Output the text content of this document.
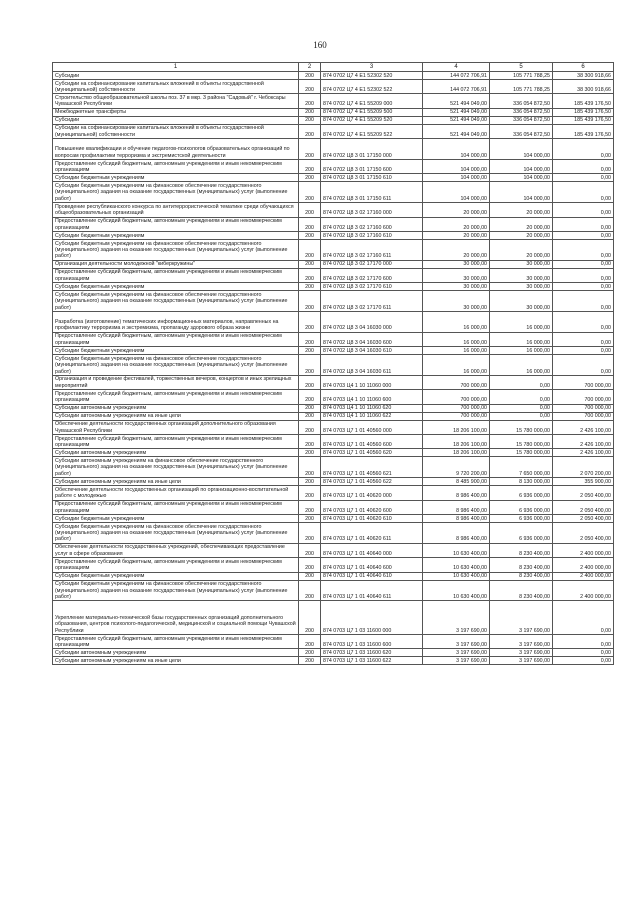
160
1	2	3	4	5	6
Субсидии	200	874 0702 Ц7 4 E1 52302 520	144 072 706,91	105 771 788,25	38 300 918,66
Субсидии на софинансирование капитальных вложений в объекты государственной (муниципальной) собственности	200	874 0702 Ц7 4 E1 52302 522	144 072 706,91	105 771 788,25	38 300 918,66
Строительство общеобразовательной школы поз. 37 в мкр. 3 района "Садовый" г. Чебоксары Чувашской Республики	200	874 0702 Ц7 4 E1 55209 000	521 494 049,00	336 054 872,50	185 439 176,50
Межбюджетные трансферты	200	874 0702 Ц7 4 E1 55209 500	521 494 049,00	336 054 872,50	185 439 176,50
Субсидии	200	874 0702 Ц7 4 E1 55209 520	521 494 049,00	336 054 872,50	185 439 176,50
Субсидии на софинансирование капитальных вложений в объекты государственной (муниципальной) собственности	200	874 0702 Ц7 4 E1 55209 522	521 494 049,00	336 054 872,50	185 439 176,50
Повышение квалификации и обучение педагогов-психологов образовательных организаций по вопросам профилактики терроризма и экстремистской деятельности	200	874 0702 Ц8 3 01 17150 000	104 000,00	104 000,00	0,00
Предоставление субсидий бюджетным, автономным учреждениям и иным некоммерческим организациям	200	874 0702 Ц8 3 01 17150 600	104 000,00	104 000,00	0,00
Субсидии бюджетным учреждениям	200	874 0702 Ц8 3 01 17150 610	104 000,00	104 000,00	0,00
Субсидии бюджетным учреждениям на финансовое обеспечение государственного (муниципального) задания на оказание государственных (муниципальных) услуг (выполнение работ)	200	874 0702 Ц8 3 01 17150 611	104 000,00	104 000,00	0,00
Проведение республиканского конкурса по антитеррористической тематике среди обучающихся общеобразовательных организаций	200	874 0702 Ц8 3 02 17160 000	20 000,00	20 000,00	0,00
Предоставление субсидий бюджетным, автономным учреждениям и иным некоммерческим организациям	200	874 0702 Ц8 3 02 17160 600	20 000,00	20 000,00	0,00
Субсидии бюджетным учреждениям	200	874 0702 Ц8 3 02 17160 610	20 000,00	20 000,00	0,00
Субсидии бюджетным учреждениям на финансовое обеспечение государственного (муниципального) задания на оказание государственных (муниципальных) услуг (выполнение работ)	200	874 0702 Ц8 3 02 17160 611	20 000,00	20 000,00	0,00
Организация деятельности молодежной "киберкружины"	200	874 0702 Ц8 3 02 17170 000	30 000,00	30 000,00	0,00
Предоставление субсидий бюджетным, автономным учреждениям и иным некоммерческим организациям	200	874 0702 Ц8 3 02 17170 600	30 000,00	30 000,00	0,00
Субсидии бюджетным учреждениям	200	874 0702 Ц8 3 02 17170 610	30 000,00	30 000,00	0,00
Субсидии бюджетным учреждениям на финансовое обеспечение государственного (муниципального) задания на оказание государственных (муниципальных) услуг (выполнение работ)	200	874 0702 Ц8 3 02 17170 611	30 000,00	30 000,00	0,00
Разработка (изготовление) тематических информационных материалов, направленных на профилактику терроризма и экстремизма, пропаганду здорового образа жизни	200	874 0702 Ц8 3 04 16030 000	16 000,00	16 000,00	0,00
Предоставление субсидий бюджетным, автономным учреждениям и иным некоммерческим организациям	200	874 0702 Ц8 3 04 16030 600	16 000,00	16 000,00	0,00
Субсидии бюджетным учреждениям	200	874 0702 Ц8 3 04 16030 610	16 000,00	16 000,00	0,00
Субсидии бюджетным учреждениям на финансовое обеспечение государственного (муниципального) задания на оказание государственных (муниципальных) услуг (выполнение работ)	200	874 0702 Ц8 3 04 16030 611	16 000,00	16 000,00	0,00
Организация и проведение фестивалей, торжественных вечеров, концертов и иных зрелищных мероприятий	200	874 0703 Ц4 1 10 11060 000	700 000,00	0,00	700 000,00
Предоставление субсидий бюджетным, автономным учреждениям и иным некоммерческим организациям	200	874 0703 Ц4 1 10 11060 600	700 000,00	0,00	700 000,00
Субсидии автономным учреждениям	200	874 0703 Ц4 1 10 11060 620	700 000,00	0,00	700 000,00
Субсидии автономным учреждениям на иные цели	200	874 0703 Ц4 1 10 11060 622	700 000,00	0,00	700 000,00
Обеспечение деятельности государственных организаций дополнительного образования Чувашской Республики	200	874 0703 Ц7 1 01 40560 000	18 206 100,00	15 780 000,00	2 426 100,00
Предоставление субсидий бюджетным, автономным учреждениям и иным некоммерческим организациям	200	874 0703 Ц7 1 01 40560 600	18 206 100,00	15 780 000,00	2 426 100,00
Субсидии автономным учреждениям	200	874 0703 Ц7 1 01 40560 620	18 206 100,00	15 780 000,00	2 426 100,00
Субсидии автономным учреждениям на финансовое обеспечение государственного (муниципального) задания на оказание государственных (муниципальных) услуг (выполнение работ)	200	874 0703 Ц7 1 01 40560 621	9 720 200,00	7 650 000,00	2 070 200,00
Субсидии автономным учреждениям на иные цели	200	874 0703 Ц7 1 01 40560 622	8 485 900,00	8 130 000,00	355 900,00
Обеспечение деятельности государственных организаций по организационно-воспитательной работе с молодежью	200	874 0703 Ц7 1 01 40620 000	8 986 400,00	6 936 000,00	2 050 400,00
Предоставление субсидий бюджетным, автономным учреждениям и иным некоммерческим организациям	200	874 0703 Ц7 1 01 40620 600	8 986 400,00	6 936 000,00	2 050 400,00
Субсидии бюджетным учреждениям	200	874 0703 Ц7 1 01 40620 610	8 986 400,00	6 936 000,00	2 050 400,00
Субсидии бюджетным учреждениям на финансовое обеспечение государственного (муниципального) задания на оказание государственных (муниципальных) услуг (выполнение работ)	200	874 0703 Ц7 1 01 40620 611	8 986 400,00	6 936 000,00	2 050 400,00
Обеспечение деятельности государственных учреждений, обеспечивающих предоставление услуг в сфере образования	200	874 0703 Ц7 1 01 40640 000	10 630 400,00	8 230 400,00	2 400 000,00
Предоставление субсидий бюджетным, автономным учреждениям и иным некоммерческим организациям	200	874 0703 Ц7 1 01 40640 600	10 630 400,00	8 230 400,00	2 400 000,00
Субсидии бюджетным учреждениям	200	874 0703 Ц7 1 01 40640 610	10 630 400,00	8 230 400,00	2 400 000,00
Субсидии бюджетным учреждениям на финансовое обеспечение государственного (муниципального) задания на оказание государственных (муниципальных) услуг (выполнение работ)	200	874 0703 Ц7 1 01 40640 611	10 630 400,00	8 230 400,00	2 400 000,00
Укрепление материально-технической базы государственных организаций дополнительного образования, центров психолого-педагогической, медицинской и социальной помощи Чувашской Республики	200	874 0703 Ц7 1 03 11600 000	3 197 690,00	3 197 690,00	0,00
Предоставление субсидий бюджетным, автономным учреждениям и иным некоммерческим организациям	200	874 0703 Ц7 1 03 11600 600	3 197 690,00	3 197 690,00	0,00
Субсидии автономным учреждениям	200	874 0703 Ц7 1 03 11600 620	3 197 690,00	3 197 690,00	0,00
Субсидии автономным учреждениям на иные цели	200	874 0703 Ц7 1 03 11600 622	3 197 690,00	3 197 690,00	0,00
